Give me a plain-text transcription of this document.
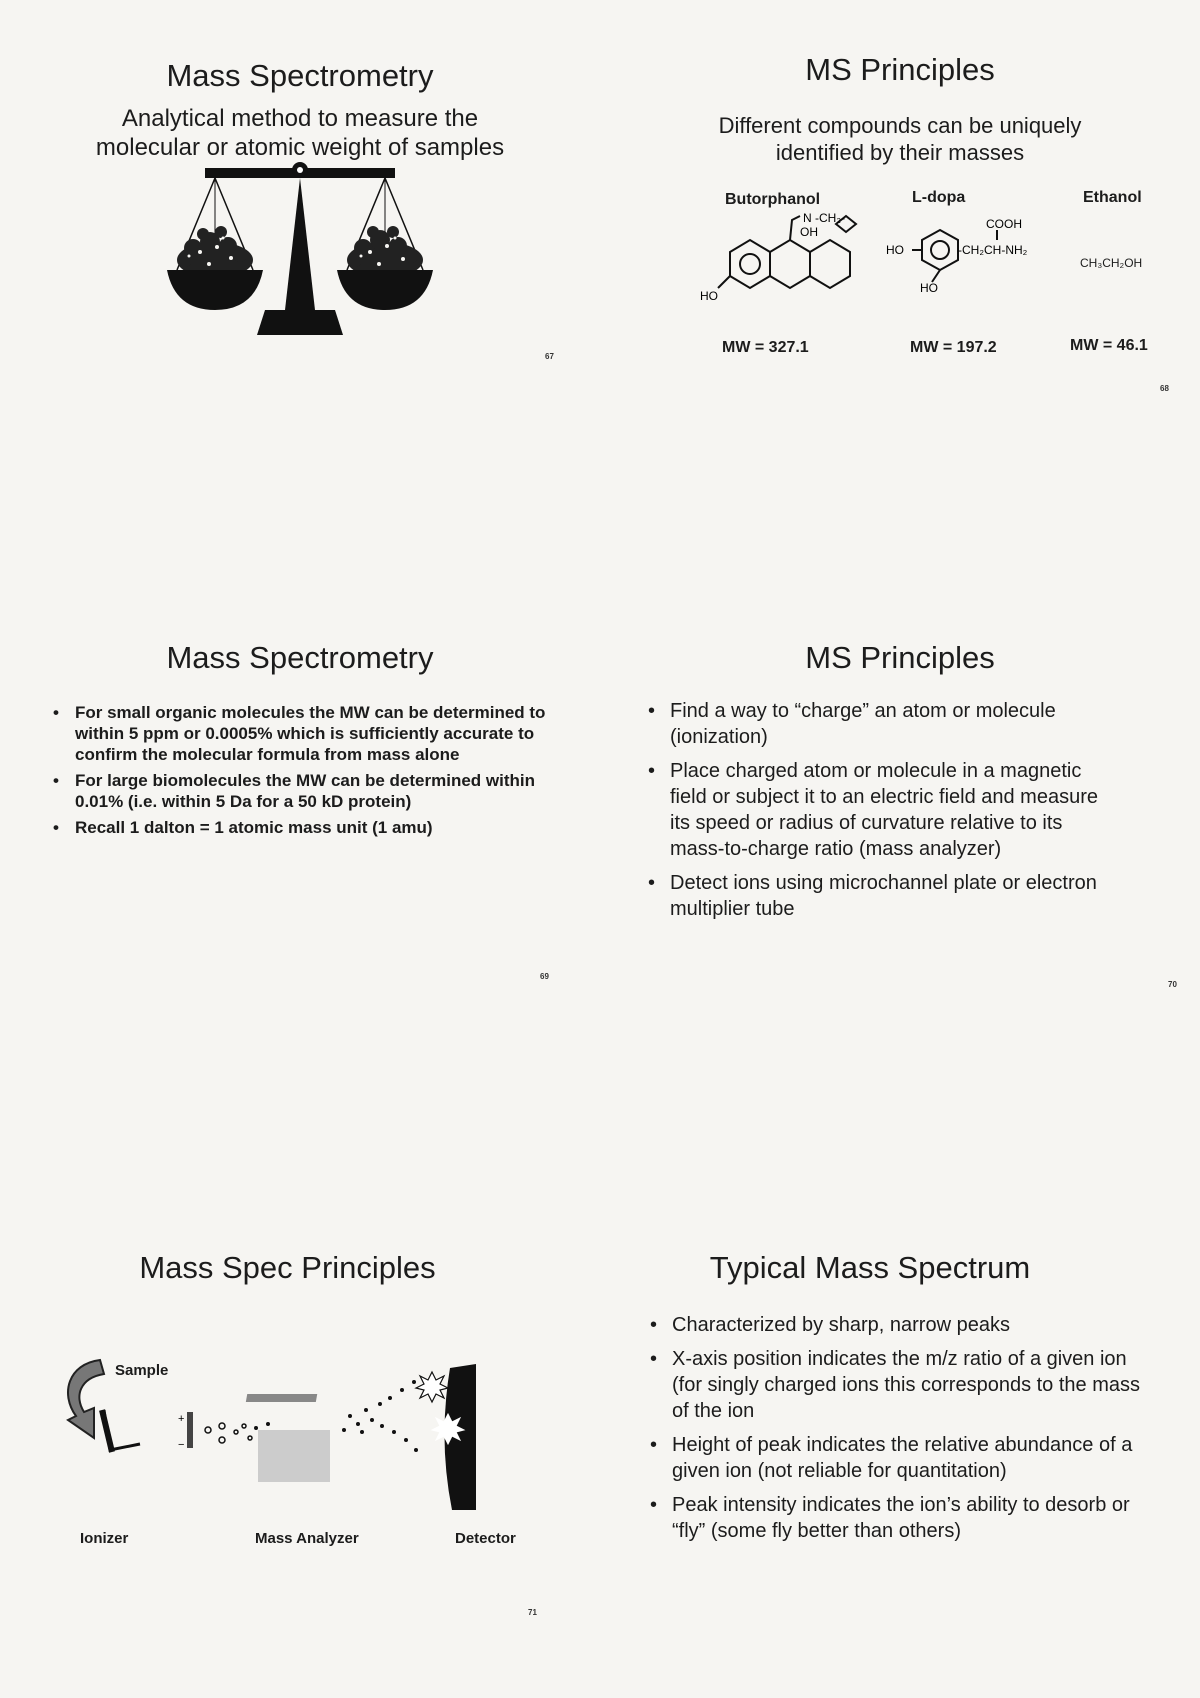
Mass Spectrometry
Analytical method to measure the
molecular or atomic weight of samples
67
MS Principles
Different compounds can be uniquely
identified by their masses
Butorphanol	L-dopa	Ethanol
N -CH₂-
OH
HO
COOH
HO	-CH₂CH-NH₂
HO
CH₃CH₂OH
MW = 327.1	MW = 197.2	MW = 46.1
68
Mass Spectrometry
• For small organic molecules the MW can be determined to within 5 ppm or 0.0005% which is sufficiently accurate to confirm the molecular formula from mass alone
• For large biomolecules the MW can be determined within 0.01% (i.e. within 5 Da for a 50 kD protein)
• Recall 1 dalton = 1 atomic mass unit (1 amu)
69
MS Principles
• Find a way to “charge” an atom or molecule (ionization)
• Place charged atom or molecule in a magnetic field or subject it to an electric field and measure its speed or radius of curvature relative to its mass-to-charge ratio (mass analyzer)
• Detect ions using microchannel plate or electron multiplier tube
70
Mass Spec Principles
Sample
+
−
Ionizer	Mass Analyzer	Detector
71
Typical Mass Spectrum
• Characterized by sharp, narrow peaks
• X-axis position indicates the m/z ratio of a given ion (for singly charged ions this corresponds to the mass of the ion
• Height of peak indicates the relative abundance of a given ion (not reliable for quantitation)
• Peak intensity indicates the ion’s ability to desorb or “fly” (some fly better than others)
